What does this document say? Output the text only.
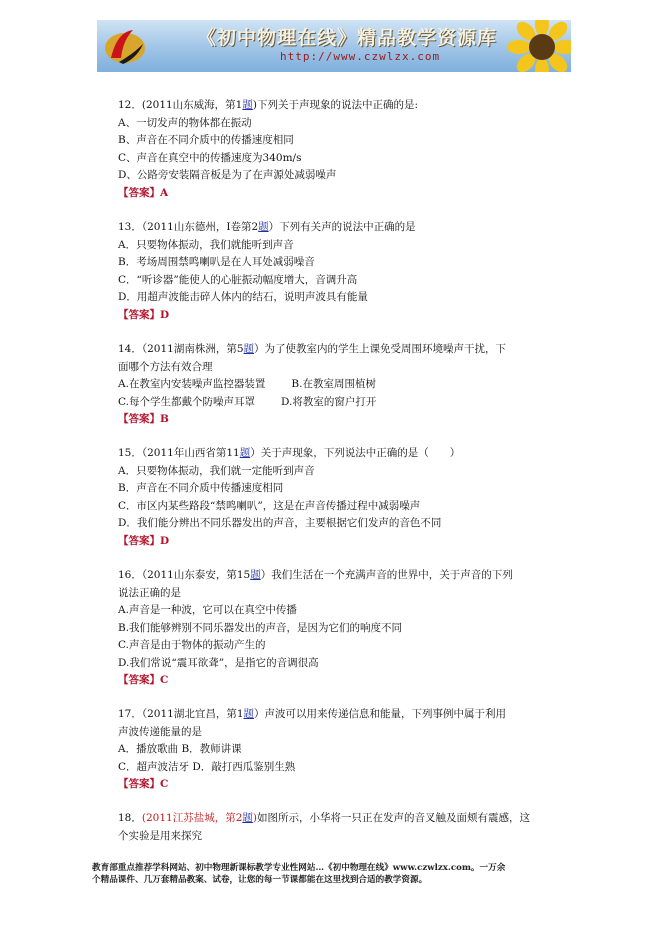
《初中物理在线》精品教学资源库
http://www.czwlzx.com
12．(2011山东威海，第1题)下列关于声现象的说法中正确的是:
A、一切发声的物体都在振动
B、声音在不同介质中的传播速度相同
C、声音在真空中的传播速度为340m/s
D、公路旁安装隔音板是为了在声源处减弱噪声
【答案】A
13．（2011山东德州，I卷第2题）下列有关声的说法中正确的是
A．只要物体振动，我们就能听到声音
B．考场周围禁鸣喇叭是在人耳处减弱噪音
C．“听诊器”能使人的心脏振动幅度增大，音调升高
D．用超声波能击碎人体内的结石，说明声波具有能量
【答案】D
14．（2011湖南株洲，第5题）为了使教室内的学生上课免受周围环境噪声干扰，下
面哪个方法有效合理
A.在教室内安装噪声监控器装置 B.在教室周围植树
C.每个学生都戴个防噪声耳罩 D.将教室的窗户打开
【答案】B
15．（2011年山西省第11题）关于声现象，下列说法中正确的是（　　）
A．只要物体振动，我们就一定能听到声音
B．声音在不同介质中传播速度相同
C．市区内某些路段“禁鸣喇叭”，这是在声音传播过程中减弱噪声
D．我们能分辨出不同乐器发出的声音，主要根据它们发声的音色不同
【答案】D
16．（2011山东泰安，第15题）我们生活在一个充满声音的世界中，关于声音的下列
说法正确的是
A.声音是一种波，它可以在真空中传播
B.我们能够辨别不同乐器发出的声音，是因为它们的响度不同
C.声音是由于物体的振动产生的
D.我们常说“震耳欲聋”，是指它的音调很高
【答案】C
17．（2011湖北宜昌，第1题）声波可以用来传递信息和能量，下列事例中属于利用
声波传递能量的是
A．播放歌曲 B．教师讲课
C．超声波洁牙 D．敲打西瓜鉴别生熟
【答案】C
18．(2011江苏盐城，第2题)如图所示，小华将一只正在发声的音叉触及面颊有震感，这
个实验是用来探究
教育部重点推荐学科网站、初中物理新课标教学专业性网站…《初中物理在线》www.czwlzx.com。一万余
个精品课件、几万套精品教案、试卷，让您的每一节课都能在这里找到合适的教学资源。
